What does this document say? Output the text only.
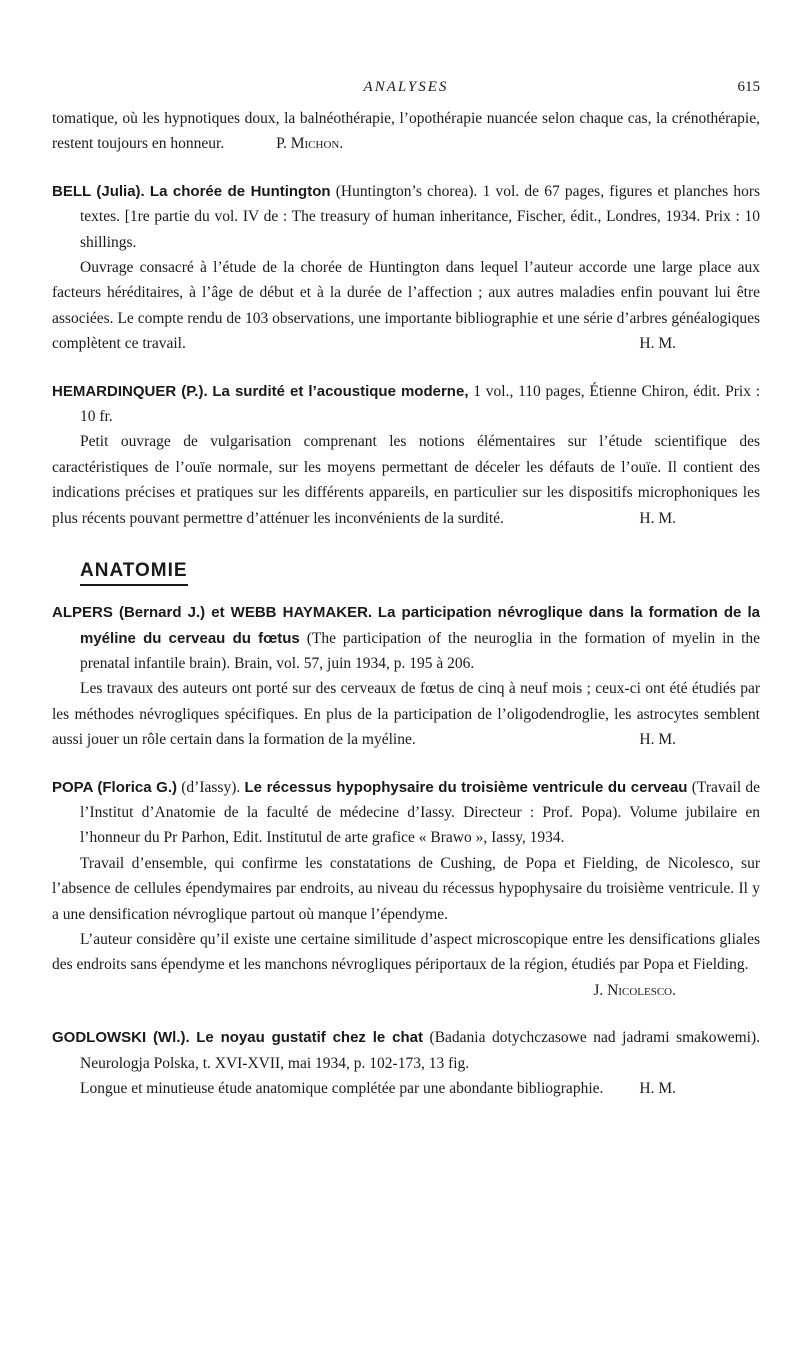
ANALYSES	615

tomatique, où les hypnotiques doux, la balnéothérapie, l’opothérapie nuancée selon chaque cas, la crénothérapie, restent toujours en honneur.	P. Michon.

BELL (Julia). La chorée de Huntington (Huntington’s chorea). 1 vol. de 67 pages, figures et planches hors textes. [1re partie du vol. IV de : The treasury of human inheritance, Fischer, édit., Londres, 1934. Prix : 10 shillings.

Ouvrage consacré à l’étude de la chorée de Huntington dans lequel l’auteur accorde une large place aux facteurs héréditaires, à l’âge de début et à la durée de l’affection ; aux autres maladies enfin pouvant lui être associées. Le compte rendu de 103 observations, une importante bibliographie et une série d’arbres généalogiques complètent ce travail.	H. M.

HEMARDINQUER (P.). La surdité et l’acoustique moderne, 1 vol., 110 pages, Étienne Chiron, édit. Prix : 10 fr.

Petit ouvrage de vulgarisation comprenant les notions élémentaires sur l’étude scientifique des caractéristiques de l’ouïe normale, sur les moyens permettant de déceler les défauts de l’ouïe. Il contient des indications précises et pratiques sur les différents appareils, en particulier sur les dispositifs microphoniques les plus récents pouvant permettre d’atténuer les inconvénients de la surdité.	H. M.

ANATOMIE

ALPERS (Bernard J.) et WEBB HAYMAKER. La participation névroglique dans la formation de la myéline du cerveau du fœtus (The participation of the neuroglia in the formation of myelin in the prenatal infantile brain). Brain, vol. 57, juin 1934, p. 195 à 206.

Les travaux des auteurs ont porté sur des cerveaux de fœtus de cinq à neuf mois ; ceux-ci ont été étudiés par les méthodes névrogliques spécifiques. En plus de la participation de l’oligodendroglie, les astrocytes semblent aussi jouer un rôle certain dans la formation de la myéline.	H. M.

POPA (Florica G.) (d’Iassy). Le récessus hypophysaire du troisième ventricule du cerveau (Travail de l’Institut d’Anatomie de la faculté de médecine d’Iassy. Directeur : Prof. Popa). Volume jubilaire en l’honneur du Pr Parhon, Edit. Institutul de arte grafice « Brawo », Iassy, 1934.

Travail d’ensemble, qui confirme les constatations de Cushing, de Popa et Fielding, de Nicolesco, sur l’absence de cellules épendymaires par endroits, au niveau du récessus hypophysaire du troisième ventricule. Il y a une densification névroglique partout où manque l’épendyme.

L’auteur considère qu’il existe une certaine similitude d’aspect microscopique entre les densifications gliales des endroits sans épendyme et les manchons névrogliques périportaux de la région, étudiés par Popa et Fielding.
J. Nicolesco.

GODLOWSKI (Wl.). Le noyau gustatif chez le chat (Badania dotychczasowe nad jadrami smakowemi). Neurologja Polska, t. XVI-XVII, mai 1934, p. 102-173, 13 fig.

Longue et minutieuse étude anatomique complétée par une abondante bibliographie.	H. M.
